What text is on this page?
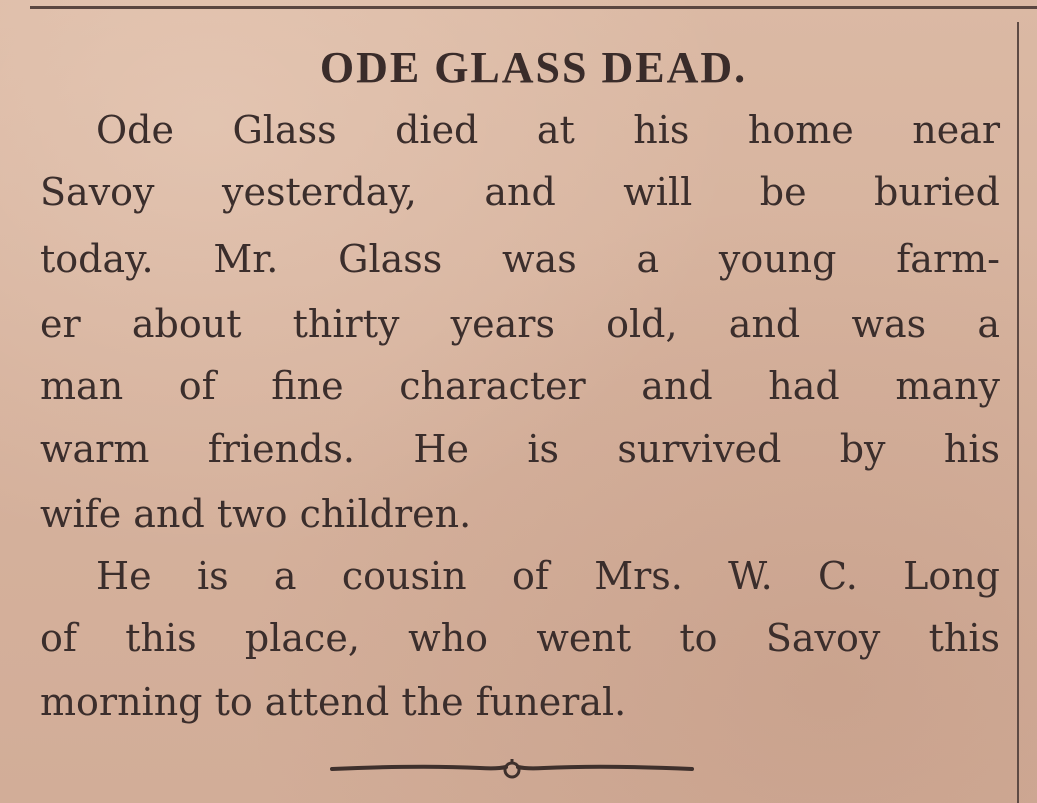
ODE GLASS DEAD.
Ode Glass died at his home near
Savoy yesterday, and will be buried
today. Mr. Glass was a young farm-
er about thirty years old, and was a
man of fine character and had many
warm friends. He is survived by his
wife and two children.
He is a cousin of Mrs. W. C. Long
of this place, who went to Savoy this
morning to attend the funeral.
